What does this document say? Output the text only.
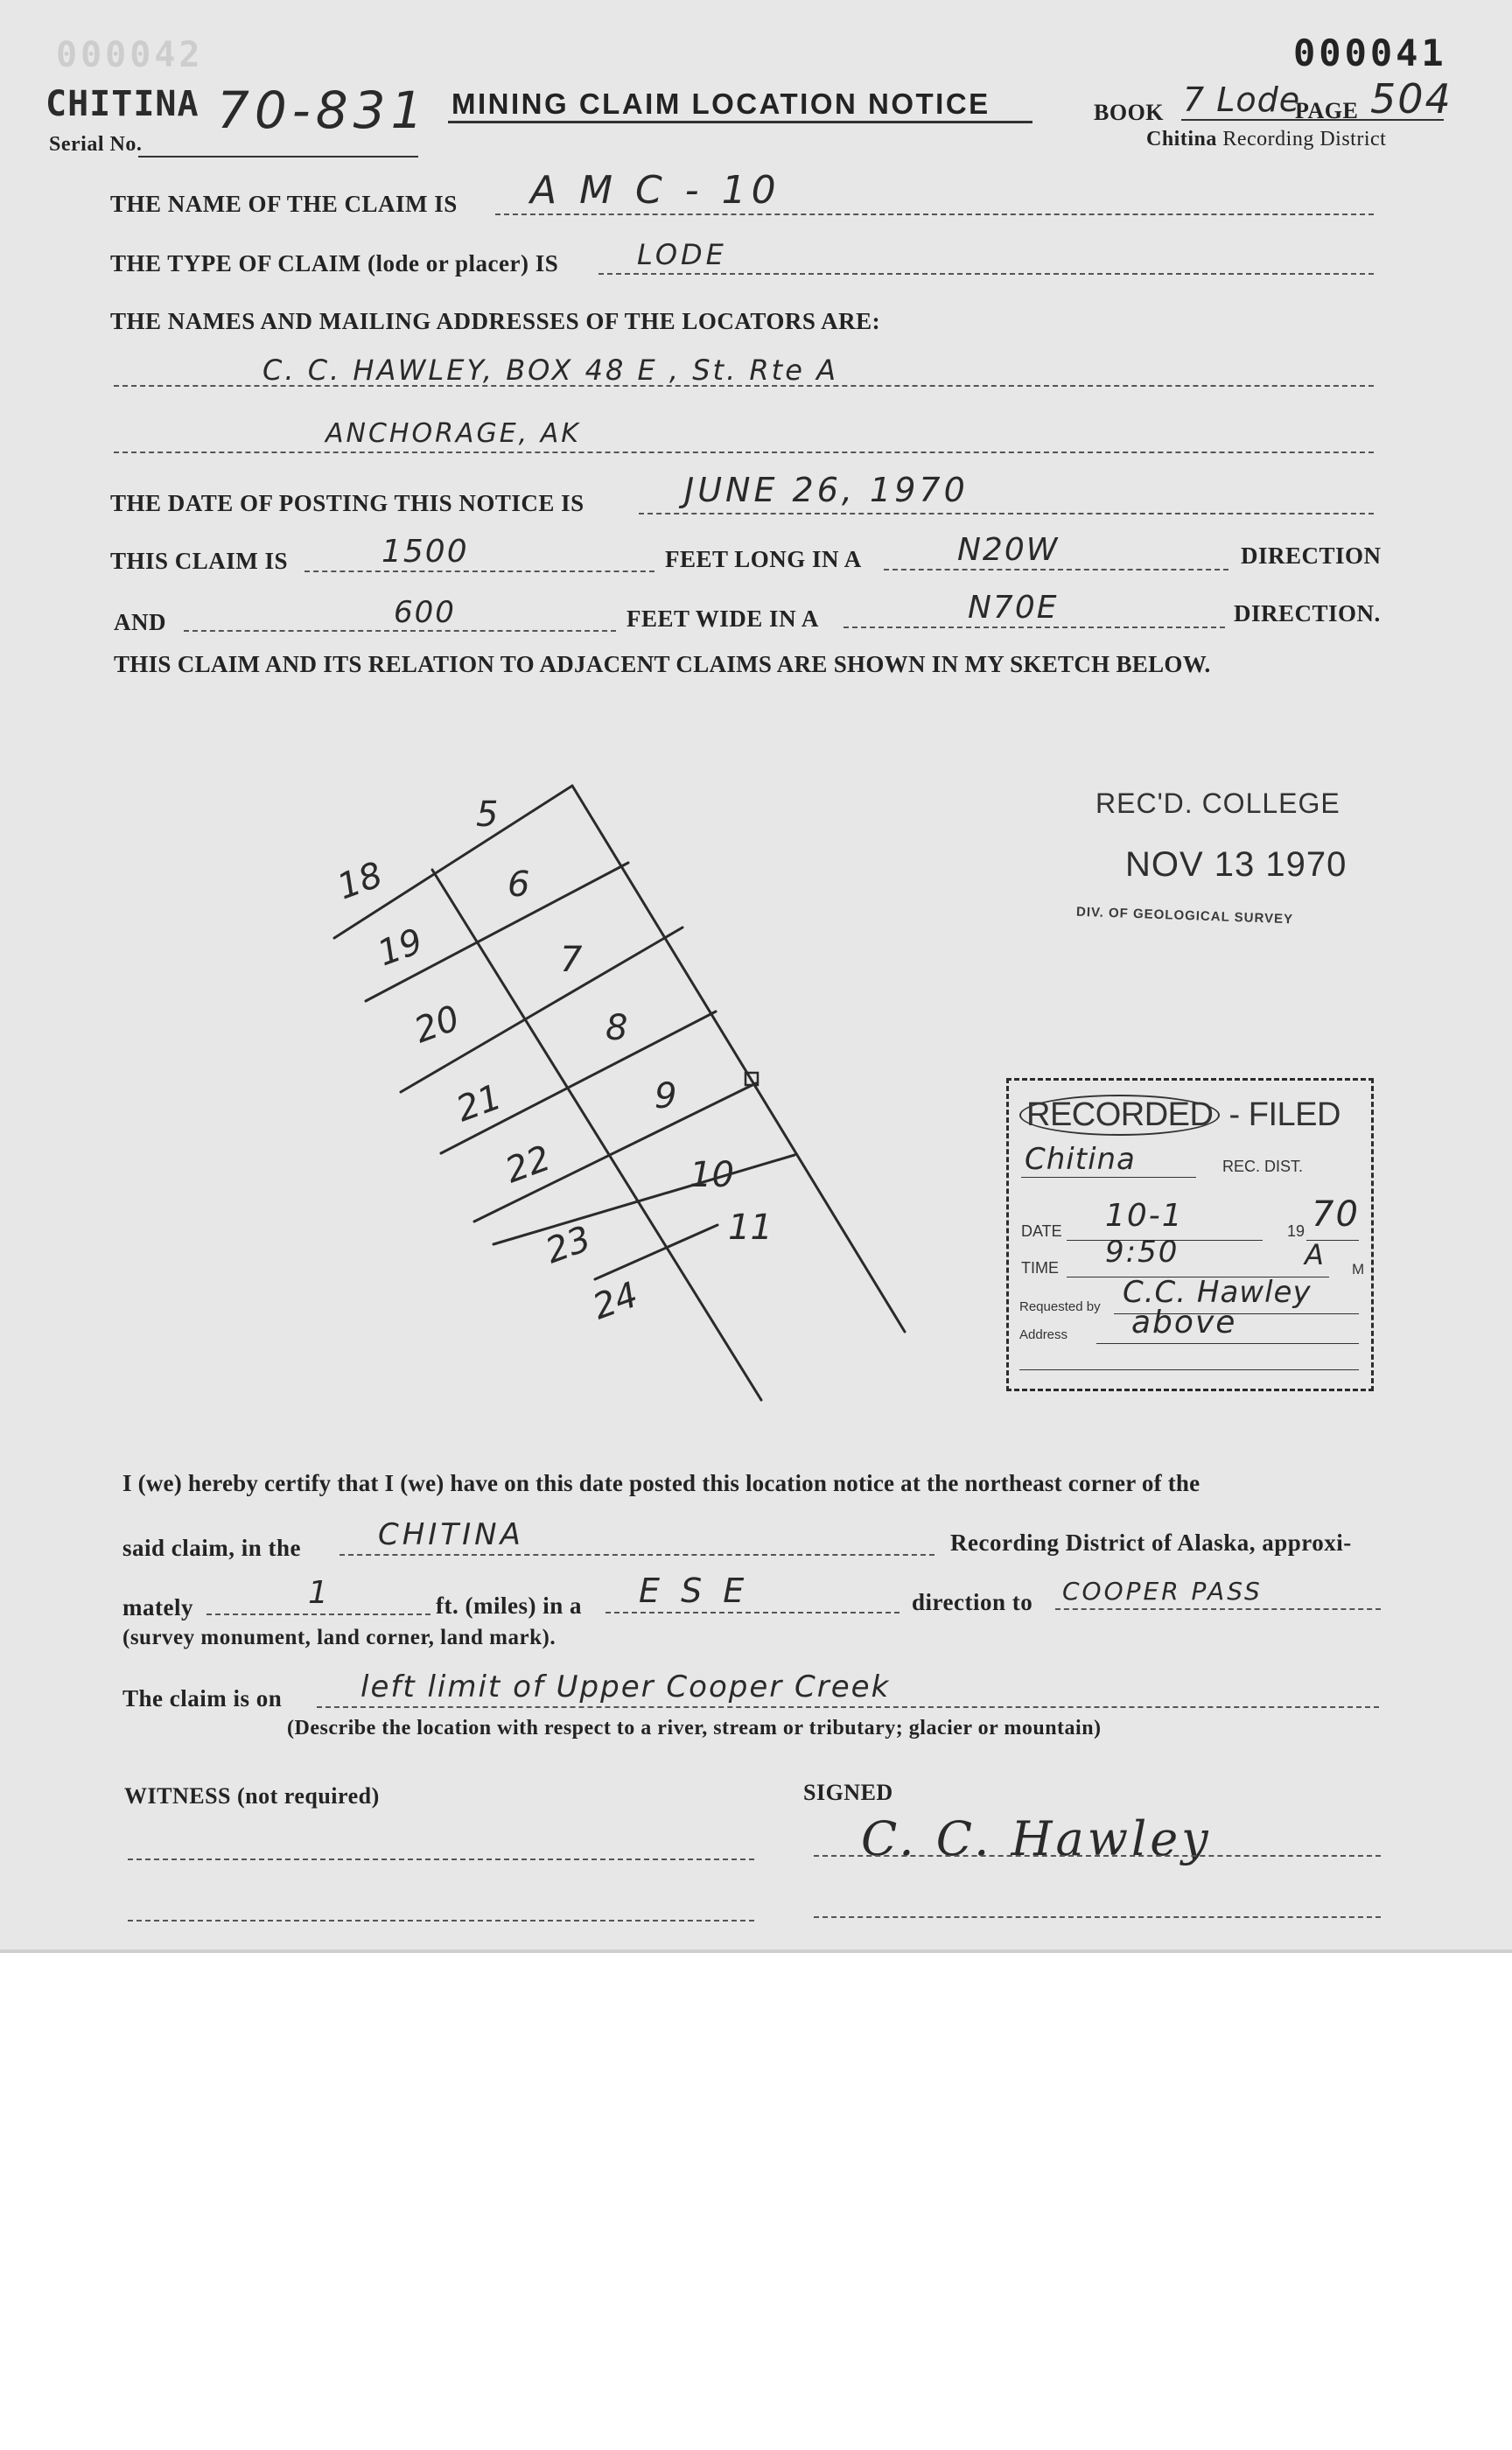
000042
CHITINA
Serial No.
70-831 MINING CLAIM LOCATION NOTICE
000041
BOOK 7 Lode
PAGE 504
Chitina Recording District
THE NAME OF THE CLAIM IS A M C - 10
THE TYPE OF CLAIM (lode or placer) IS	LODE
THE NAMES AND MAILING ADDRESSES OF THE LOCATORS ARE:
C. C. HAWLEY, BOX 48 E , St. Rte A
ANCHORAGE, AK
THE DATE OF POSTING THIS NOTICE IS	JUNE 26, 1970
THIS CLAIM IS	1500	FEET LONG IN A	N20W	DIRECTION
AND	600	FEET WIDE IN A	N70E	DIRECTION.
THIS CLAIM AND ITS RELATION TO ADJACENT CLAIMS ARE SHOWN IN MY SKETCH BELOW.
18
19
20
21
22
23
24
5
6
7
8
9
10
11
REC'D. COLLEGE
NOV 13 1970
DIV. OF GEOLOGICAL SURVEY
RECORDED - FILED
Chitina	REC. DIST.
DATE 10-1	19 70
TIME 9:50	A M
Requested by C.C. Hawley
Address above
I (we) hereby certify that I (we) have on this date posted this location notice at the northeast corner of the
said claim, in the	CHITINA	Recording District of Alaska, approxi-
mately	1	ft. (miles) in a E S E	direction to COOPER PASS
(survey monument, land corner, land mark).
The claim is on	left limit of Upper Cooper Creek
(Describe the location with respect to a river, stream or tributary; glacier or mountain)
WITNESS (not required)	SIGNED
C. C. Hawley
